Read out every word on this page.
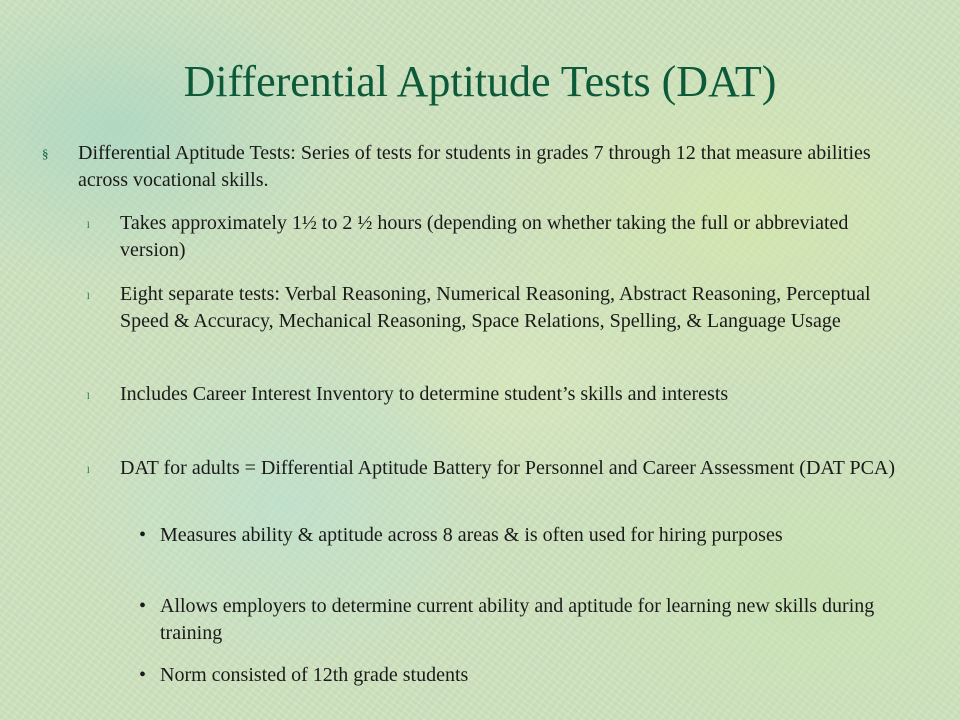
Differential Aptitude Tests (DAT)
§ Differential Aptitude Tests: Series of tests for students in grades 7 through 12 that measure abilities across vocational skills.
l Takes approximately 1½ to 2 ½ hours (depending on whether taking the full or abbreviated version)
l Eight separate tests: Verbal Reasoning, Numerical Reasoning, Abstract Reasoning, Perceptual Speed & Accuracy, Mechanical Reasoning, Space Relations, Spelling, & Language Usage
l Includes Career Interest Inventory to determine student’s skills and interests
l DAT for adults = Differential Aptitude Battery for Personnel and Career Assessment (DAT PCA)
• Measures ability & aptitude across 8 areas & is often used for hiring purposes
• Allows employers to determine current ability and aptitude for learning new skills during training
• Norm consisted of 12th grade students
